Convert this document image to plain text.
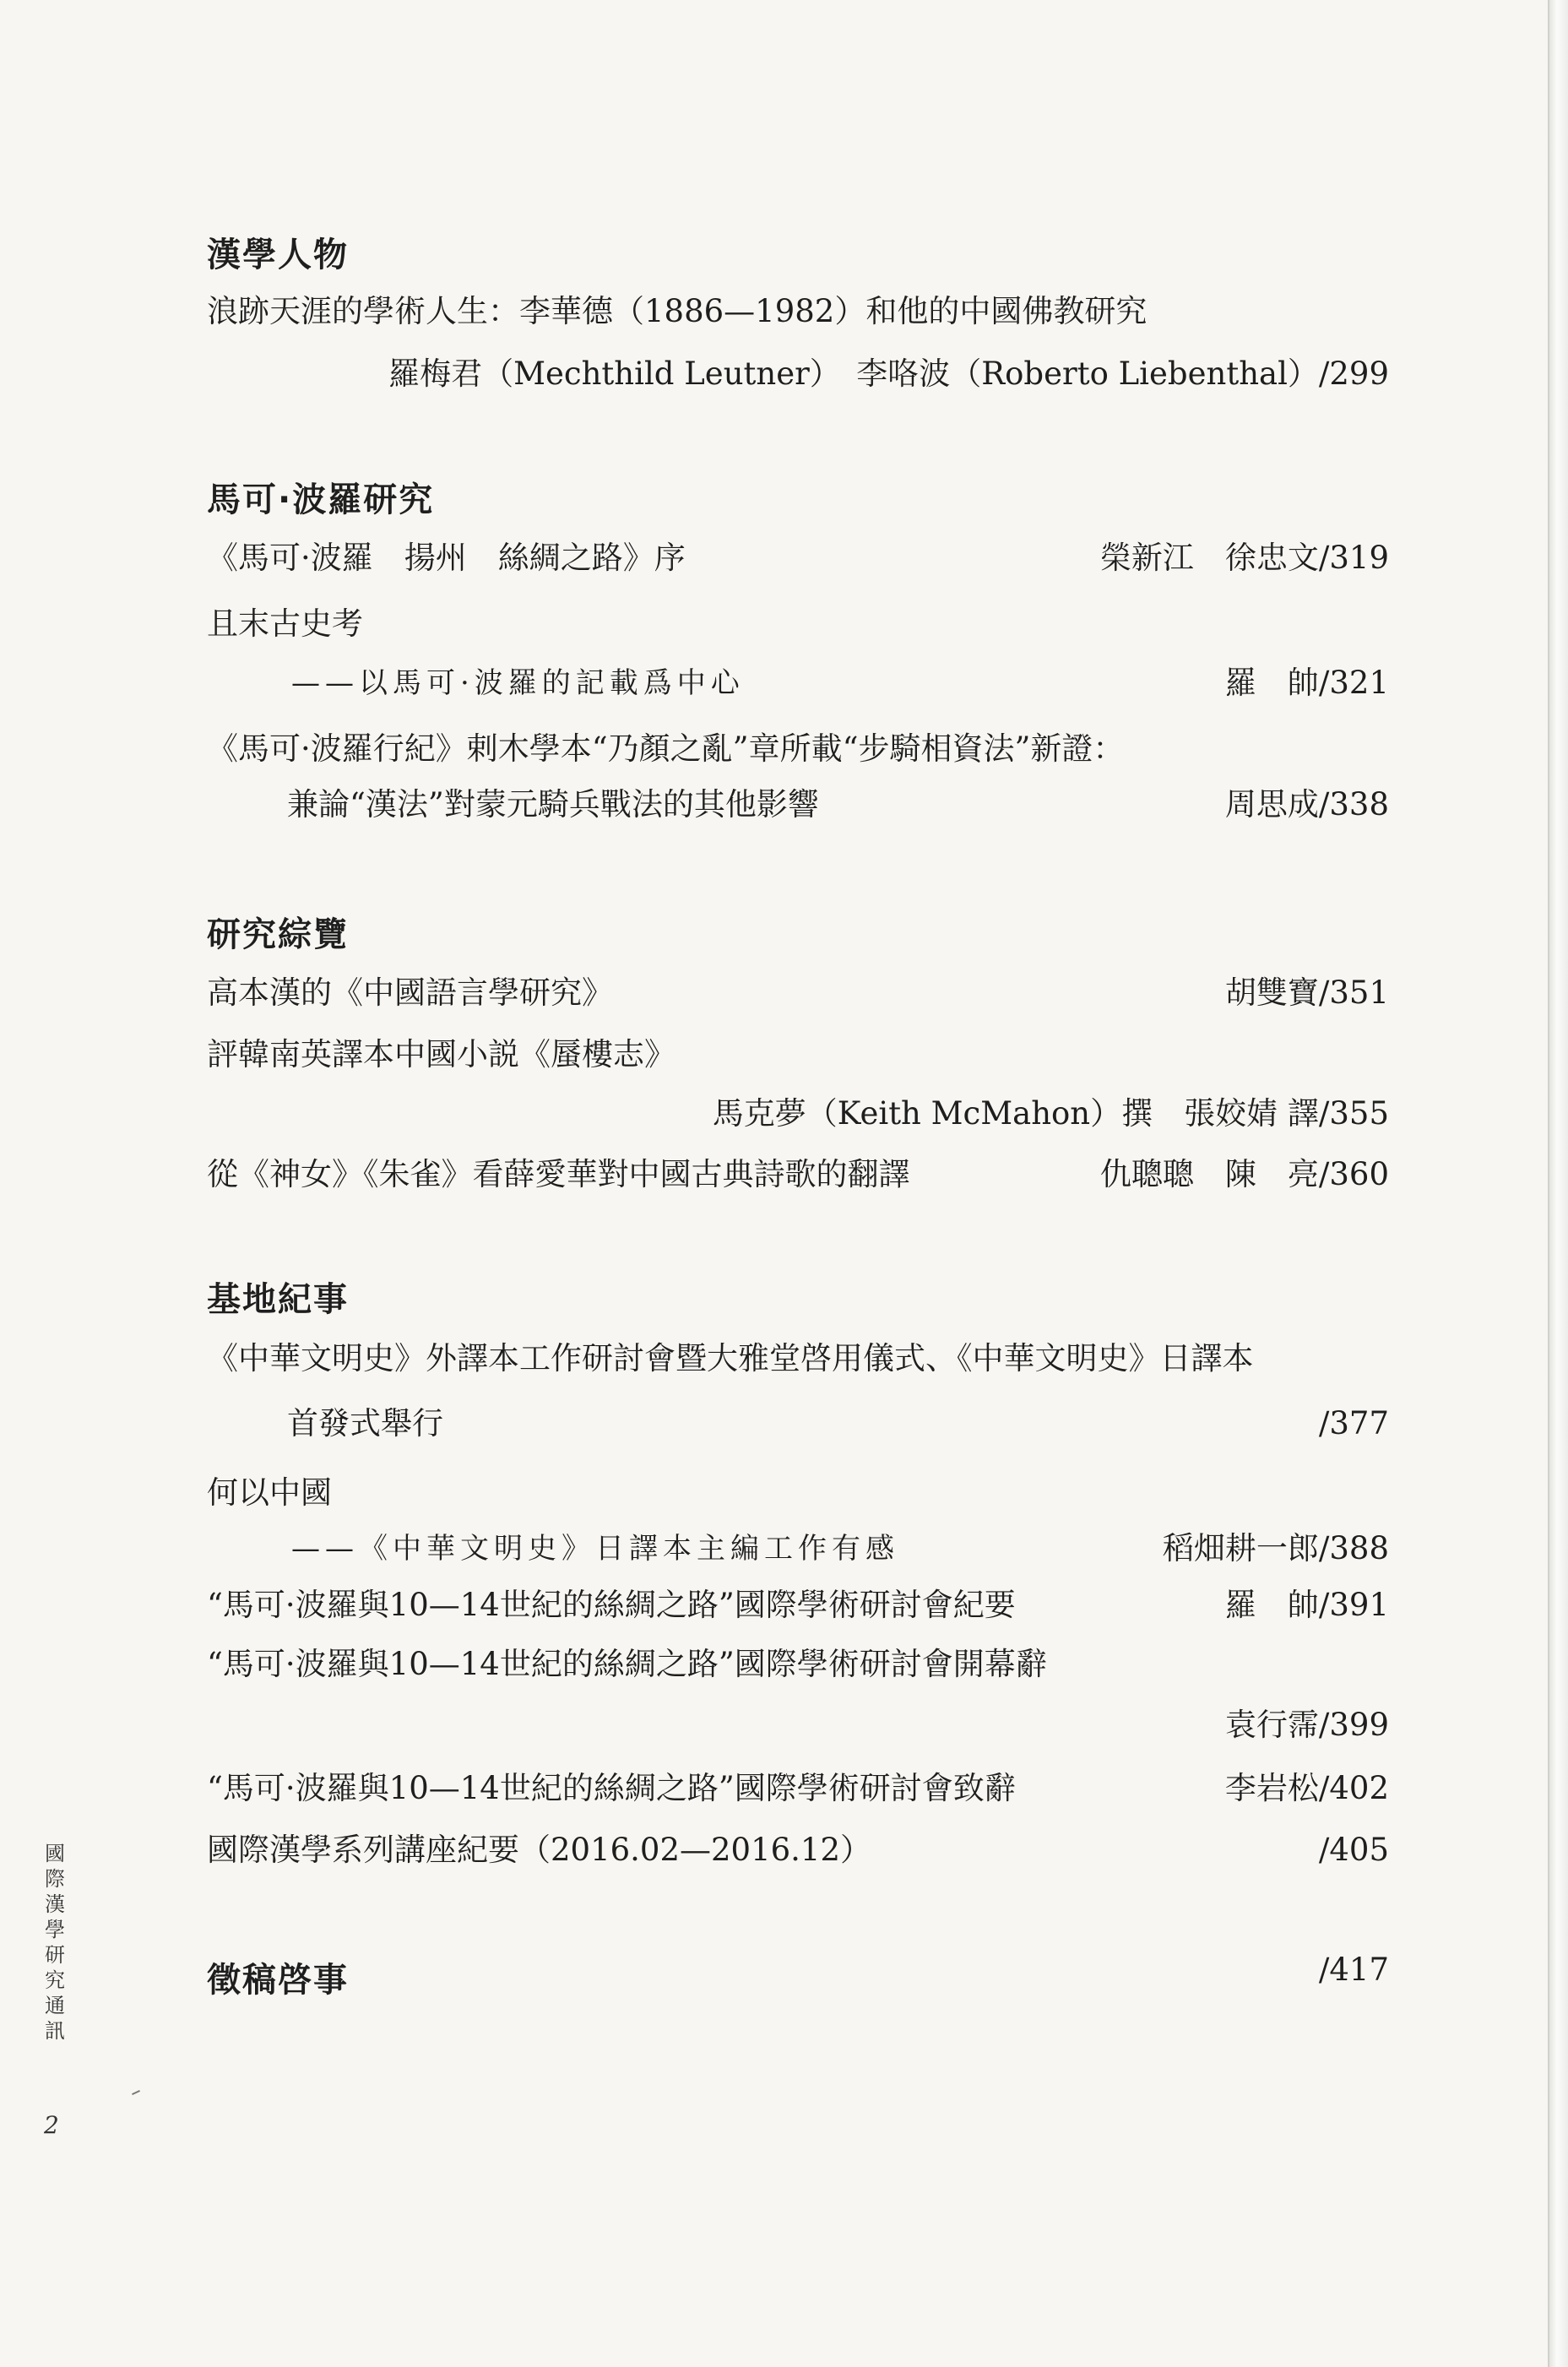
漢學人物
浪跡天涯的學術人生：李華德（1886—1982）和他的中國佛教研究
羅梅君（Mechthild Leutner）　李咯波（Roberto Liebenthal）/299
馬可·波羅研究
《馬可·波羅　揚州　絲綢之路》序	榮新江　徐忠文/319
且末古史考
——以馬可·波羅的記載爲中心	羅　帥/321
《馬可·波羅行紀》剌木學本“乃顏之亂”章所載“步騎相資法”新證：
兼論“漢法”對蒙元騎兵戰法的其他影響	周思成/338
研究綜覽
高本漢的《中國語言學研究》	胡雙寶/351
評韓南英譯本中國小説《蜃樓志》
馬克夢（Keith McMahon）撰　張姣婧 譯/355
從《神女》《朱雀》看薛愛華對中國古典詩歌的翻譯	仇聰聰　陳　亮/360
基地紀事
《中華文明史》外譯本工作研討會暨大雅堂啓用儀式、《中華文明史》日譯本
首發式舉行	/377
何以中國
——《中華文明史》日譯本主編工作有感	稻畑耕一郎/388
“馬可·波羅與10—14世紀的絲綢之路”國際學術研討會紀要	羅　帥/391
“馬可·波羅與10—14世紀的絲綢之路”國際學術研討會開幕辭
袁行霈/399
“馬可·波羅與10—14世紀的絲綢之路”國際學術研討會致辭	李岩松/402
國際漢學系列講座紀要（2016.02—2016.12）	/405
徵稿啓事	/417
國際漢學研究通訊
2
